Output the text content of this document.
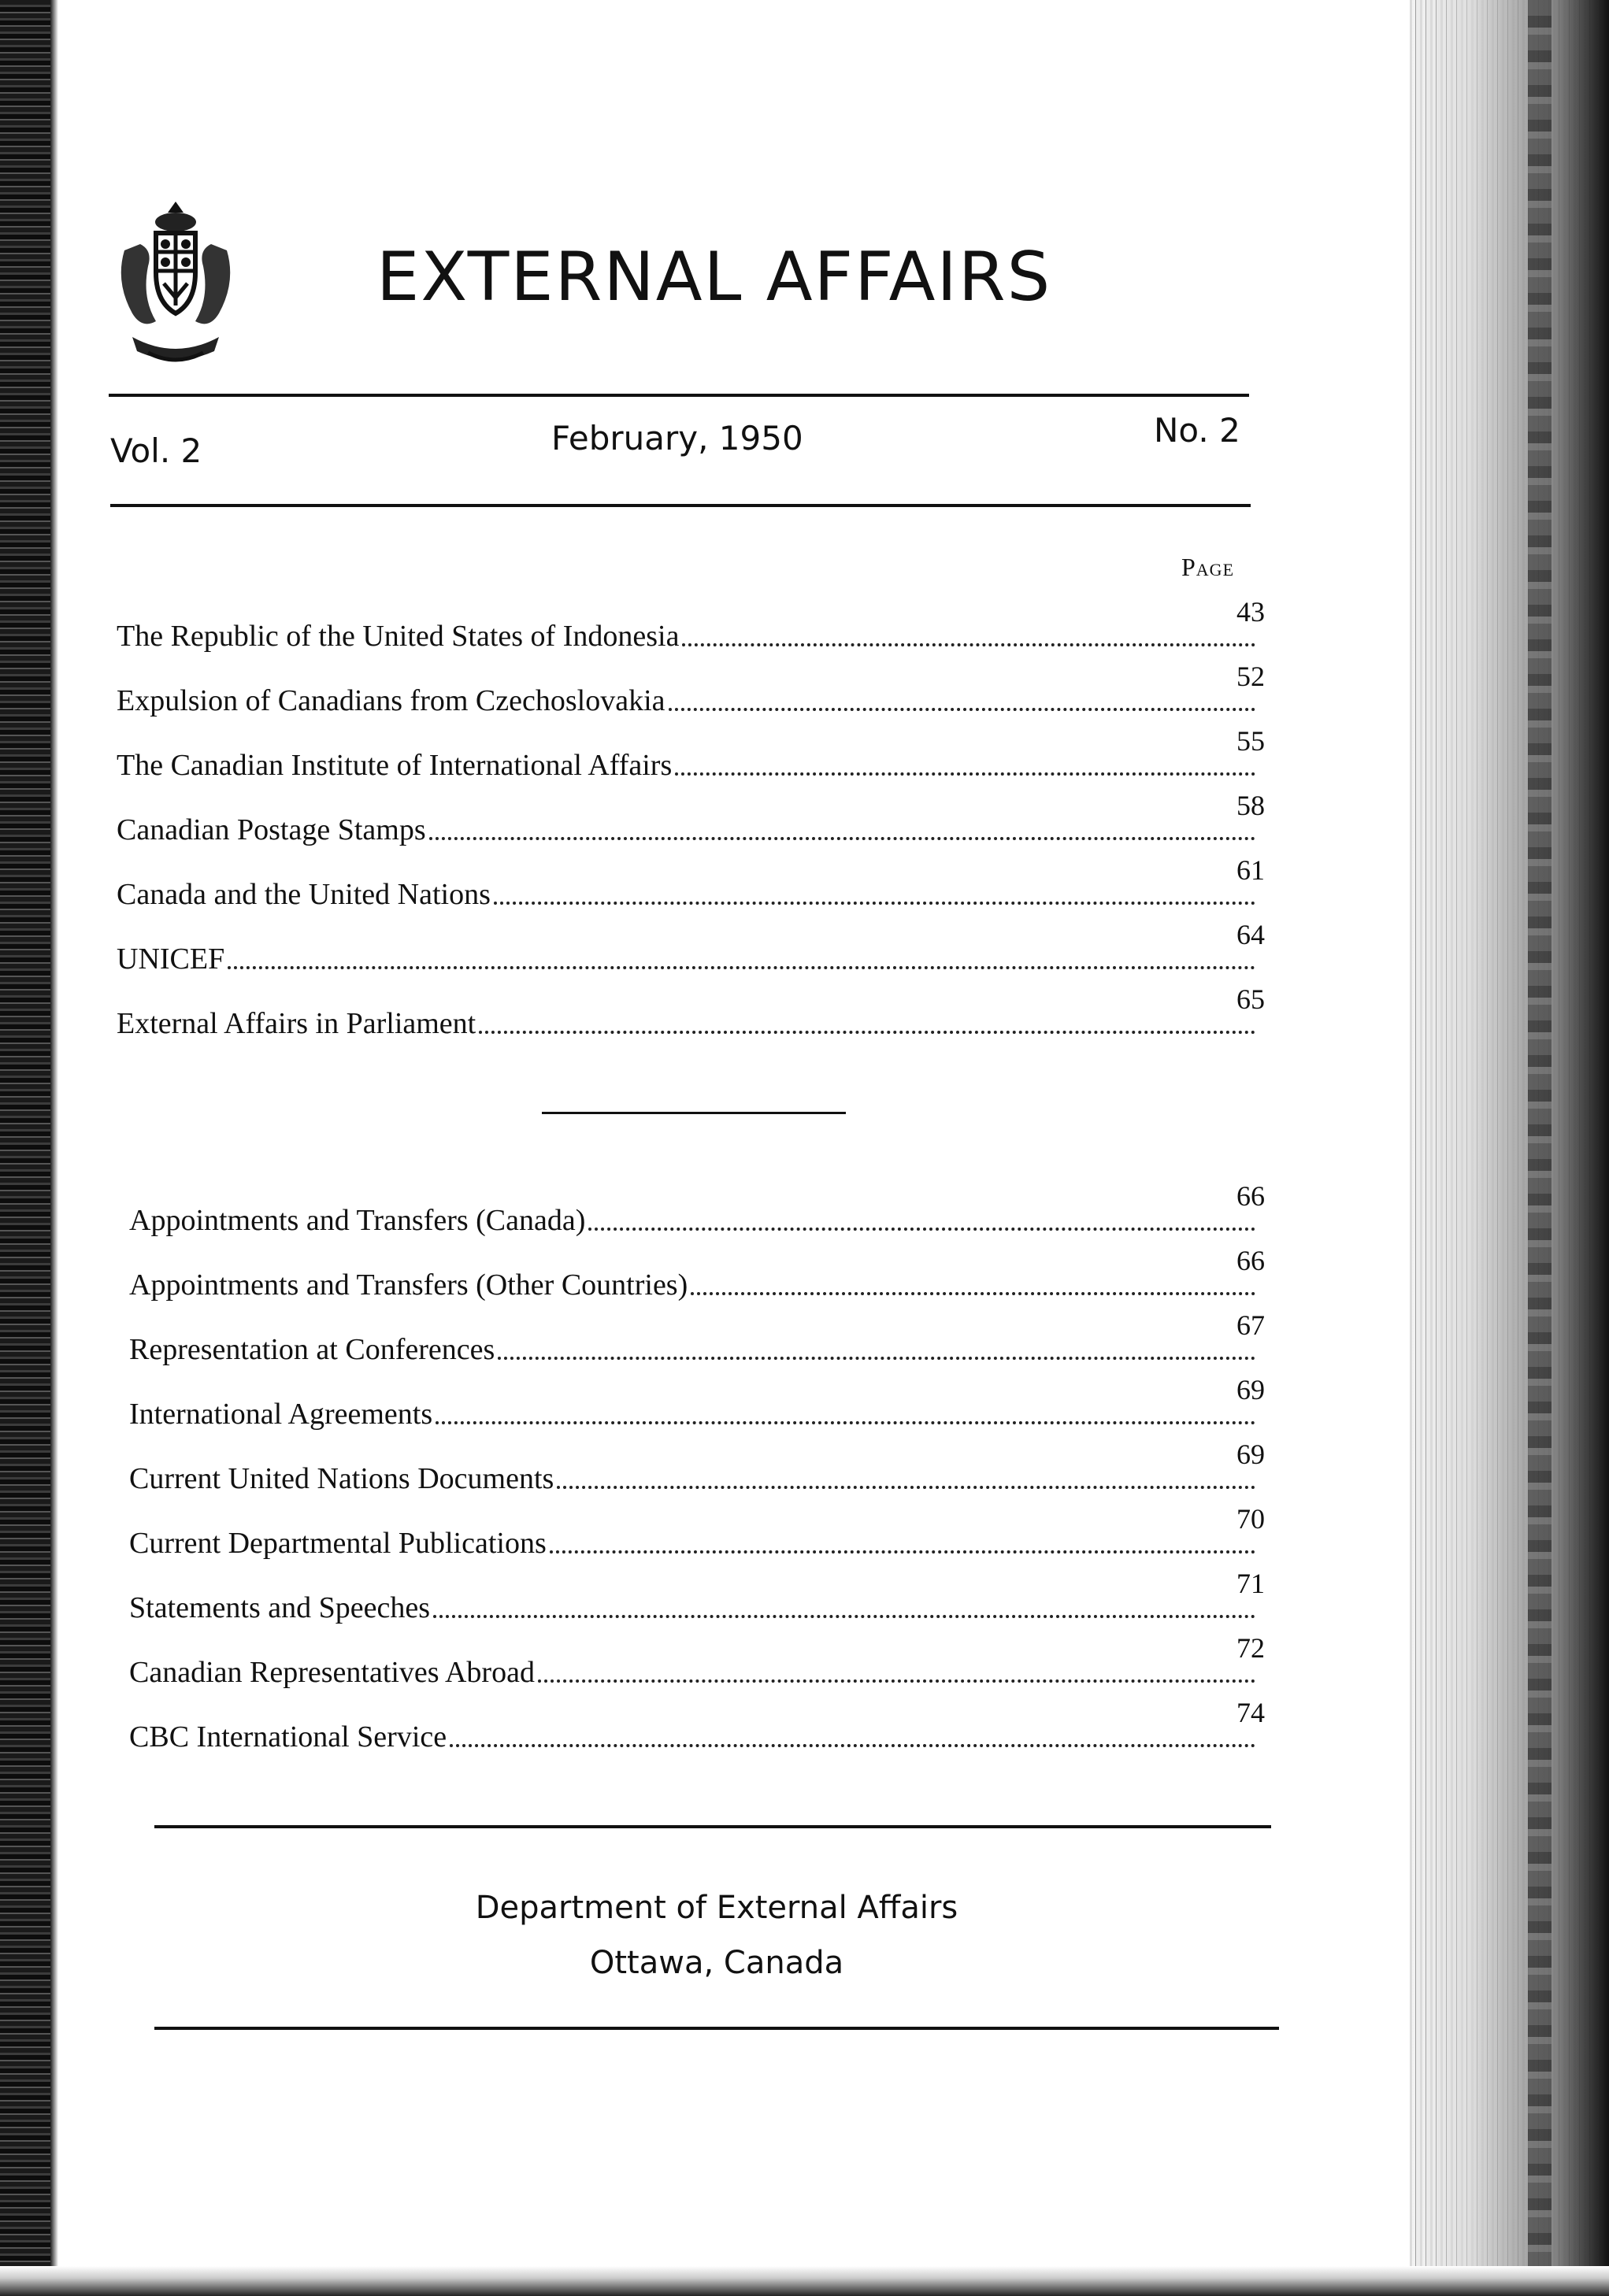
EXTERNAL AFFAIRS
Vol. 2	February, 1950	No. 2
Page
The Republic of the United States of Indonesia
43
Expulsion of Canadians from Czechoslovakia
52
The Canadian Institute of International Affairs
55
Canadian Postage Stamps
58
Canada and the United Nations
61
UNICEF
64
External Affairs in Parliament
65
Appointments and Transfers (Canada)
66
Appointments and Transfers (Other Countries)
66
Representation at Conferences
67
International Agreements
69
Current United Nations Documents
69
Current Departmental Publications
70
Statements and Speeches
71
Canadian Representatives Abroad
72
CBC International Service
74
Department of External Affairs
Ottawa, Canada
